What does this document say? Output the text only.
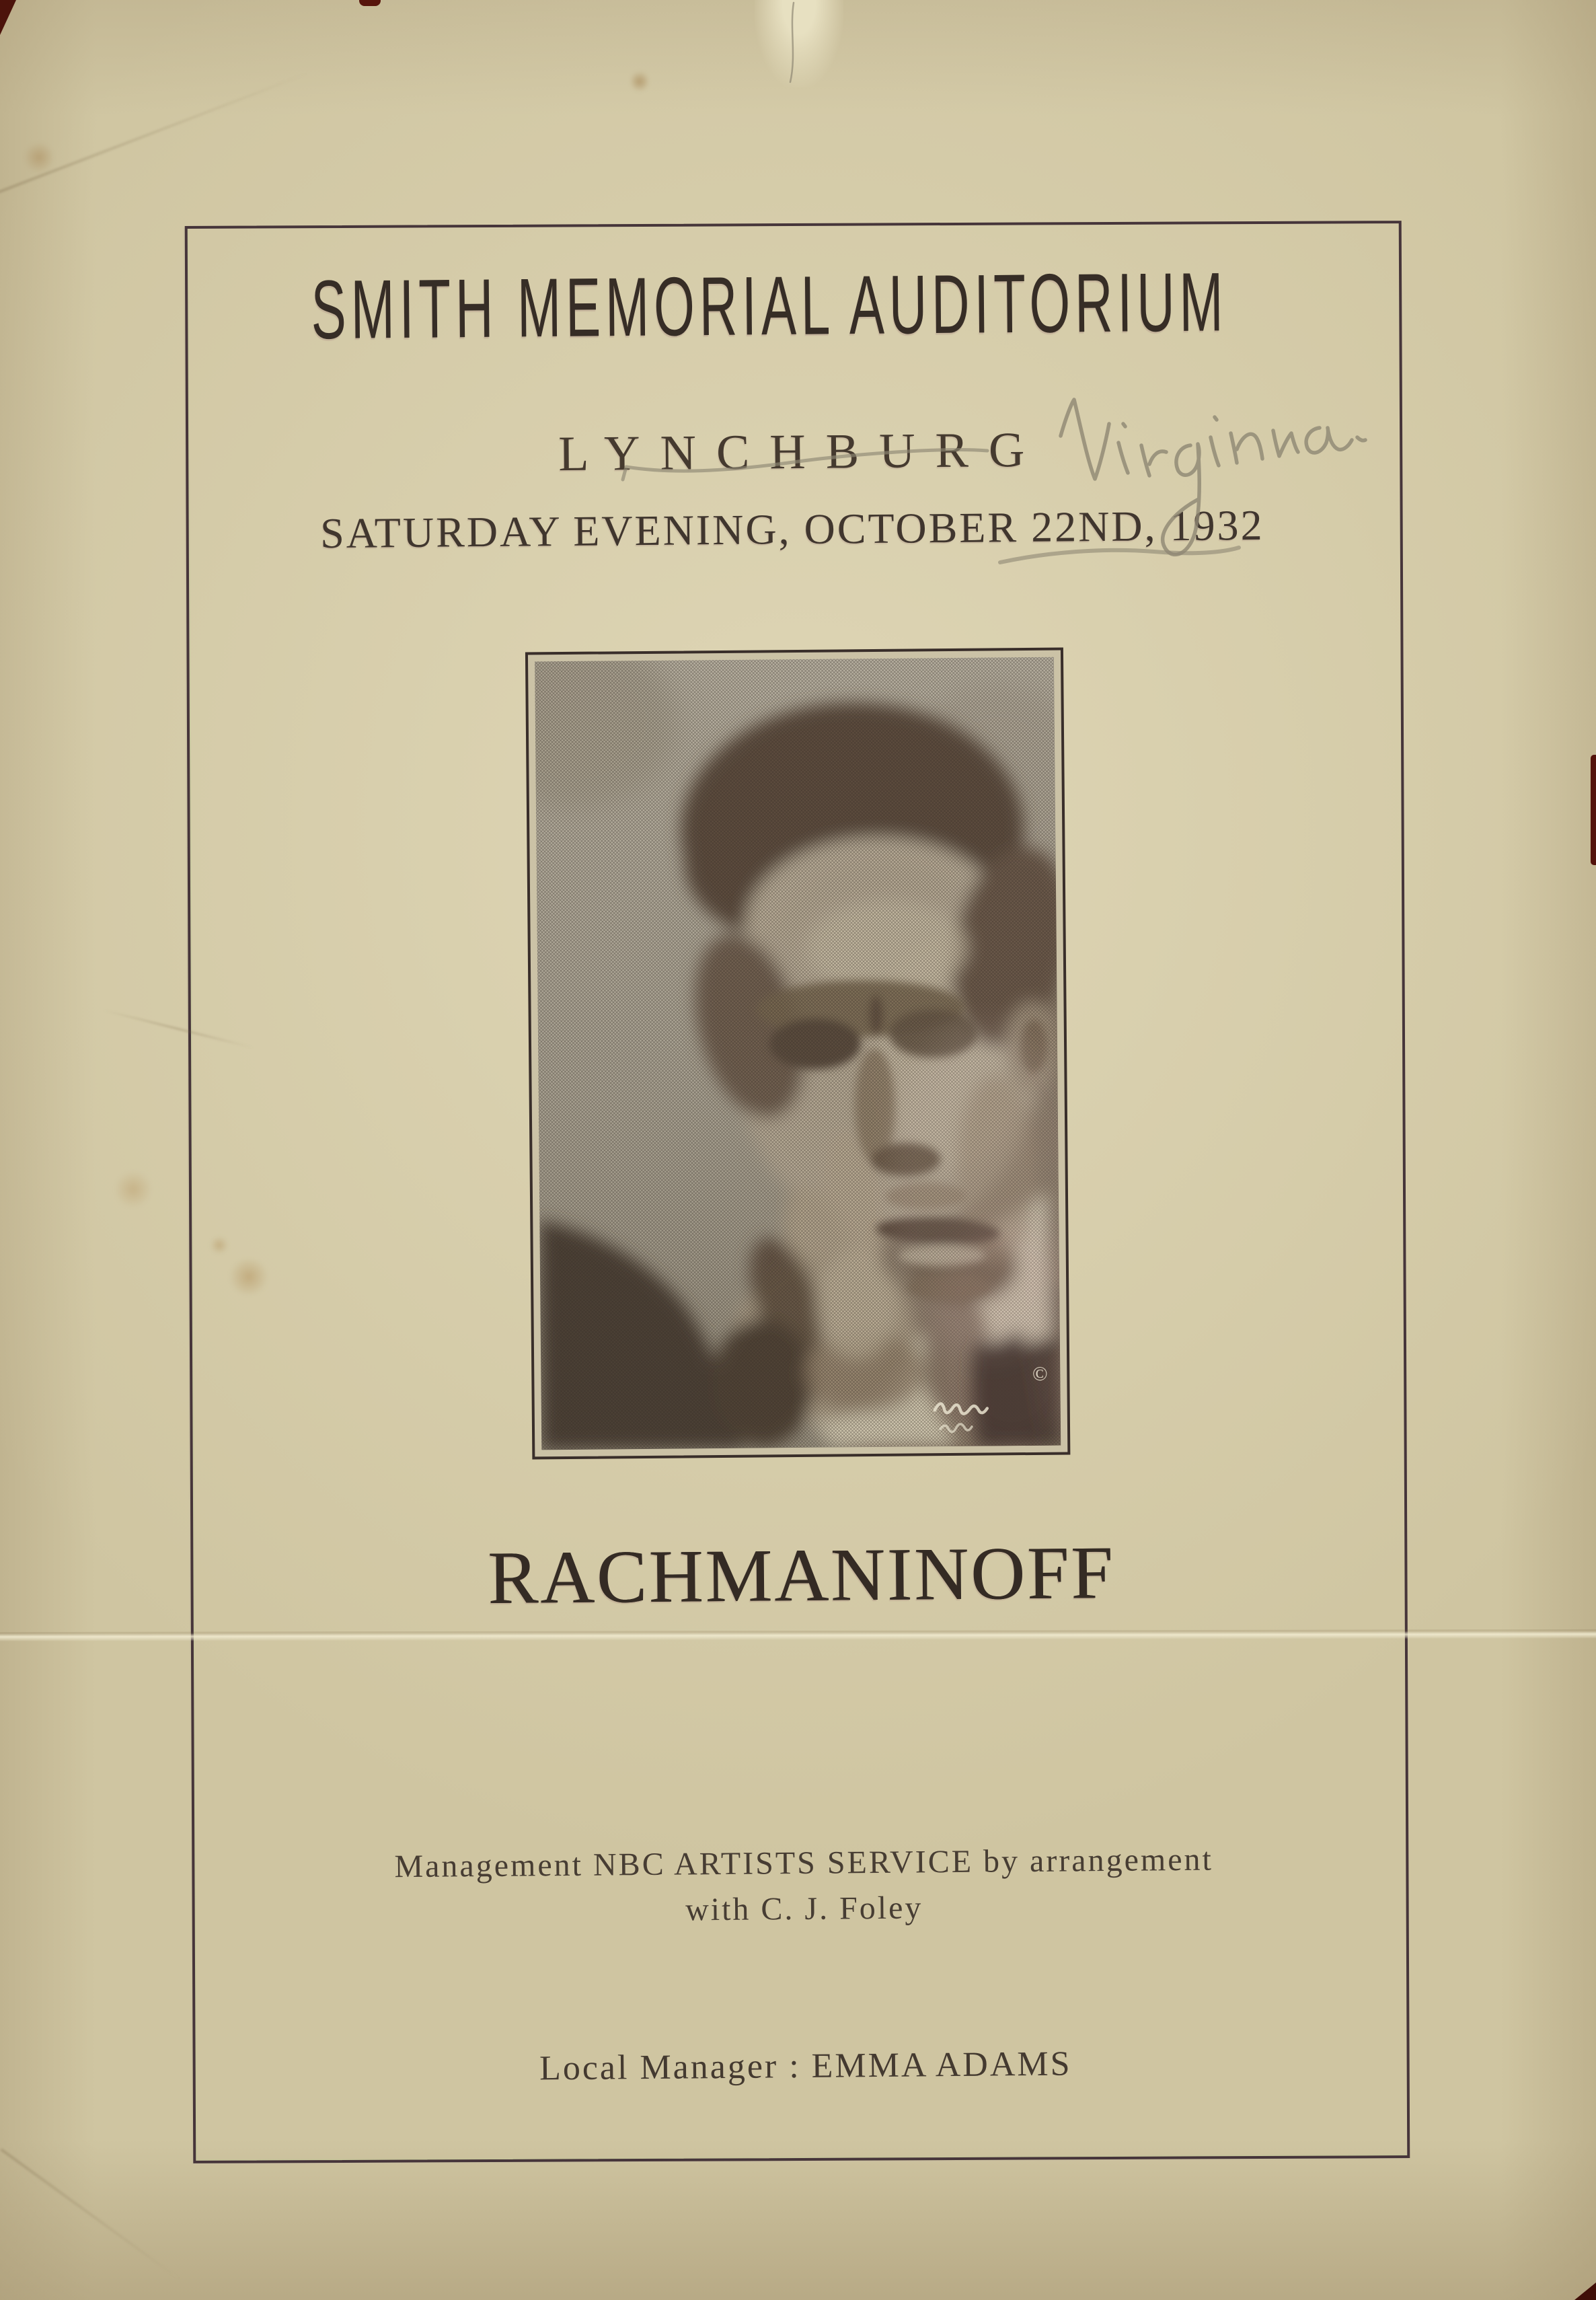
SMITH MEMORIAL AUDITORIUM
LYNCHBURG
SATURDAY EVENING, OCTOBER 22ND, 1932
©
RACHMANINOFF
Management NBC ARTISTS SERVICE by arrangement
with C. J. Foley
Local Manager : EMMA ADAMS
